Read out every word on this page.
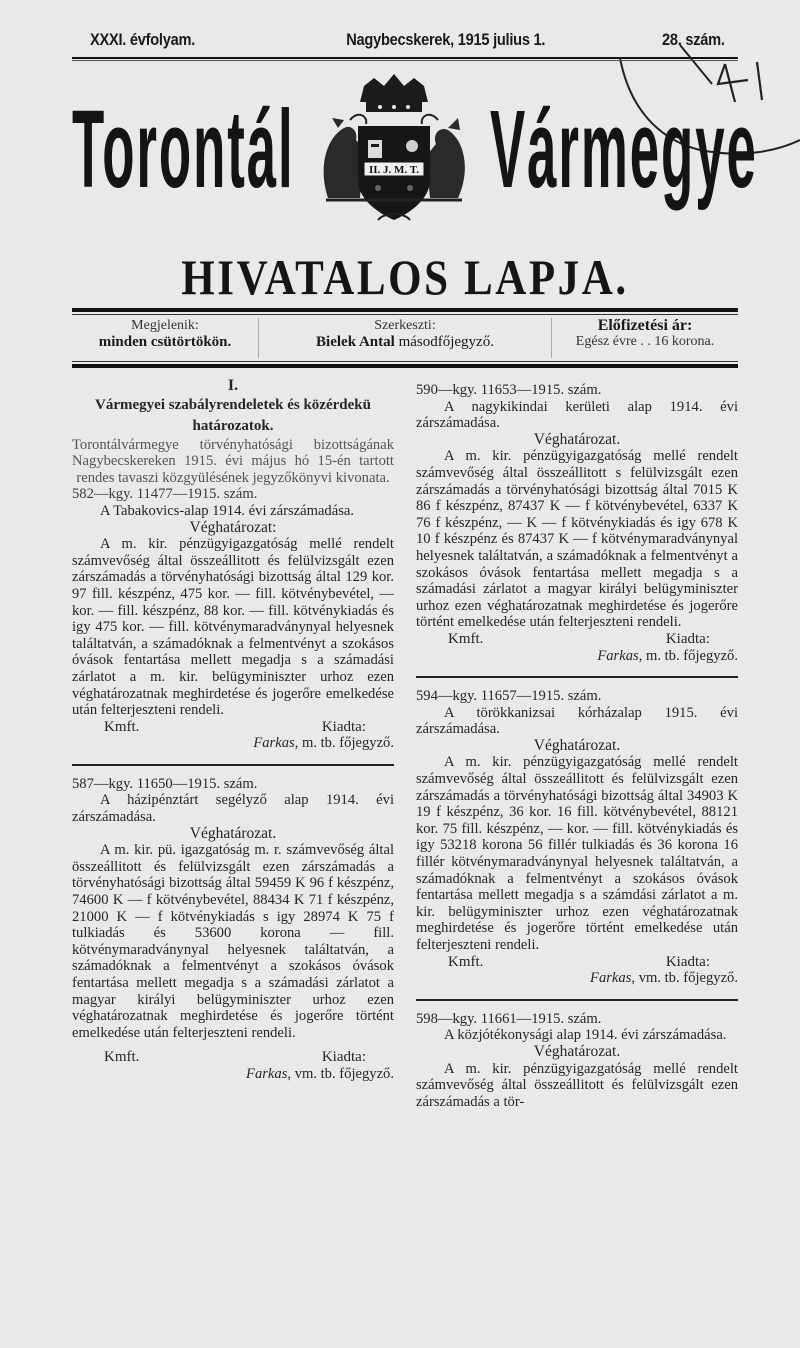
XXXI. évfolyam.	Nagybecskerek, 1915 julius 1.	28. szám.
Torontál	II. J. M. T. Vármegye
HIVATALOS LAPJA.
Megjelenik:
minden csütörtökön.
Szerkeszti:
Bielek Antal másodfőjegyző.
Előfizetési ár:
Egész évre . . 16 korona.

I.

Vármegyei szabályrendeletek és közérdekü határozatok.

Torontálvármegye törvényhatósági bizottságának Nagybecskereken 1915. évi május hó 15-én tartott rendes tavaszi közgyülésének jegyzőkönyvi kivonata.

582—kgy. 11477—1915. szám.

A Tabakovics-alap 1914. évi zárszámadása.

Véghatározat:

A m. kir. pénzügyigazgatóság mellé rendelt számvevőség által összeállitott és felülvizsgált ezen zárszámadás a törvényhatósági bizottság által 129 kor. 97 fill. készpénz, 475 kor. — fill. kötvénybevétel, — kor. — fill. készpénz, 88 kor. — fill. kötvénykiadás és igy 475 kor. — fill. kötvénymaradványnyal helyesnek találtatván, a számadóknak a felmentvényt a szokásos óvások fentartása mellett megadja s a számadási zárlatot a m. kir. belügyminiszter urhoz ezen véghatározatnak meghirdetése és jogerőre emelkedése után felterjeszteni rendeli.

Kmft.	Kiadta:

Farkas, m. tb. főjegyző.

587—kgy. 11650—1915. szám.

A házipénztárt segélyző alap 1914. évi zárszámadása.

Véghatározat.

A m. kir. pü. igazgatóság m. r. számvevőség által összeállitott és felülvizsgált ezen zárszámadás a törvényhatósági bizottság által 59459 K 96 f készpénz, 74600 K — f kötvénybevétel, 88434 K 71 f készpénz, 21000 K — f kötvénykiadás s igy 28974 K 75 f tulkiadás és 53600 korona — fill. kötvénymaradványnyal helyesnek találtatván, a számadóknak a felmentvényt a szokásos óvások fentartása mellett megadja s a számadási zárlatot a magyar királyi belügyminiszter urhoz ezen véghatározatnak meghirdetése és jogerőre történt emelkedése után felterjeszteni rendeli.

Kmft.	Kiadta:

Farkas, vm. tb. főjegyző.

590—kgy. 11653—1915. szám.

A nagykikindai kerületi alap 1914. évi zárszámadása.

Véghatározat.

A m. kir. pénzügyigazgatóság mellé rendelt számvevőség által összeállitott s felülvizsgált ezen zárszámadás a törvényhatósági bizottság által 7015 K 86 f készpénz, 87437 K — f kötvénybevétel, 6337 K 76 f készpénz, — K — f kötvénykiadás és igy 678 K 10 f készpénz és 87437 K — f kötvénymaradványnyal helyesnek találtatván, a számadóknak a felmentvényt a szokásos óvások fentartása mellett megadja s a számadási zárlatot a magyar királyi belügyminiszter urhoz ezen véghatározatnak meghirdetése és jogerőre történt emelkedése után felterjeszteni rendeli.

Kmft.	Kiadta:

Farkas, m. tb. főjegyző.

594—kgy. 11657—1915. szám.

A törökkanizsai kórházalap 1915. évi zárszámadása.

Véghatározat.

A m. kir. pénzügyigazgatóság mellé rendelt számvevőség által összeállitott és felülvizsgált ezen zárszámadás a törvényhatósági bizottság által 34903 K 19 f készpénz, 36 kor. 16 fill. kötvénybevétel, 88121 kor. 75 fill. készpénz, — kor. — fill. kötvénykiadás és igy 53218 korona 56 fillér tulkiadás és 36 korona 16 fillér kötvénymaradványnyal helyesnek találtatván, a számadóknak a felmentvényt a szokásos óvások fentartása mellett megadja s a számdási zárlatot a m. kir. belügyminiszter urhoz ezen véghatározatnak meghirdetése és jogerőre történt emelkedése után felterjeszteni rendeli.

Kmft.	Kiadta:

Farkas, vm. tb. főjegyző.

598—kgy. 11661—1915. szám.

A közjótékonysági alap 1914. évi zárszámadása.

Véghatározat.

A m. kir. pénzügyigazgatóság mellé rendelt számvevőség által összeállitott és felülvizsgált ezen zárszámadás a tör-
